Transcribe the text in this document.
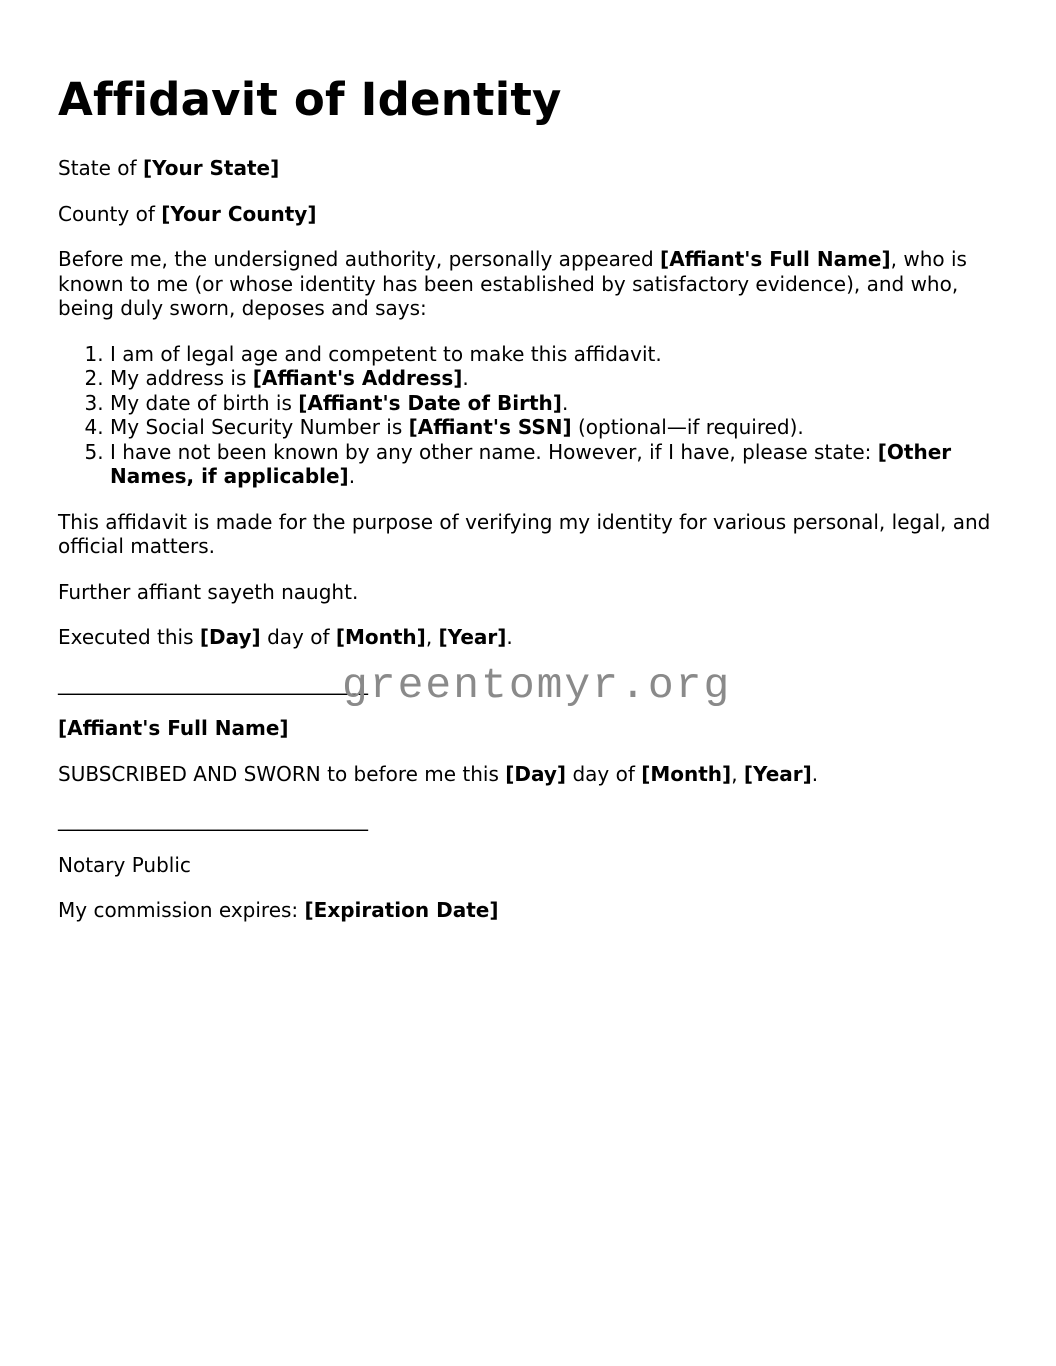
Affidavit of Identity

State of [Your State]

County of [Your County]

Before me, the undersigned authority, personally appeared [Affiant's Full Name], who is known to me (or whose identity has been established by satisfactory evidence), and who, being duly sworn, deposes and says:

1. I am of legal age and competent to make this affidavit.
2. My address is [Affiant's Address].
3. My date of birth is [Affiant's Date of Birth].
4. My Social Security Number is [Affiant's SSN] (optional—if required).
5. I have not been known by any other name. However, if I have, please state: [Other Names, if applicable].

This affidavit is made for the purpose of verifying my identity for various personal, legal, and official matters.

Further affiant sayeth naught.

Executed this [Day] day of [Month], [Year].

_______________________________

[Affiant's Full Name]

SUBSCRIBED AND SWORN to before me this [Day] day of [Month], [Year].

_______________________________

Notary Public

My commission expires: [Expiration Date]

greentomyr.org
